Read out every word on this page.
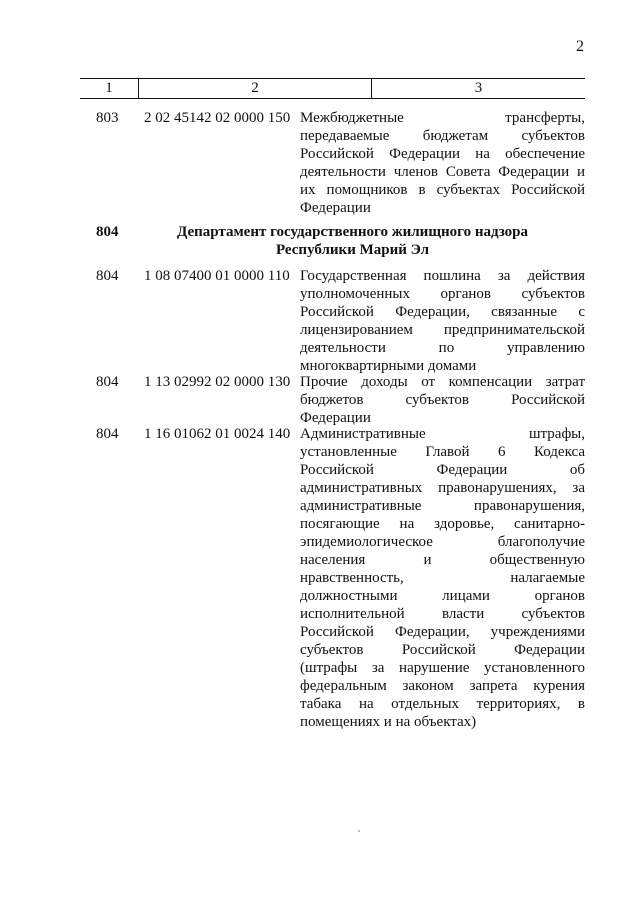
2
1	2	3
803	2 02 45142 02 0000 150 Межбюджетные трансферты,
передаваемые бюджетам субъектов
Российской Федерации на обеспечение
деятельности членов Совета Федерации и
их помощников в субъектах Российской
Федерации
804	Департамент государственного жилищного надзора
Республики Марий Эл
804	1 08 07400 01 0000 110 Государственная пошлина за действия
уполномоченных органов субъектов
Российской Федерации, связанные с
лицензированием предпринимательской
деятельности по управлению
многоквартирными домами
804	1 13 02992 02 0000 130 Прочие доходы от компенсации затрат
бюджетов субъектов Российской
Федерации
804	1 16 01062 01 0024 140 Административные штрафы,
установленные Главой 6 Кодекса
Российской Федерации об
административных правонарушениях, за
административные правонарушения,
посягающие на здоровье, санитарно-
эпидемиологическое благополучие
населения и общественную
нравственность, налагаемые
должностными лицами органов
исполнительной власти субъектов
Российской Федерации, учреждениями
субъектов Российской Федерации
(штрафы за нарушение установленного
федеральным законом запрета курения
табака на отдельных территориях, в
помещениях и на объектах)
